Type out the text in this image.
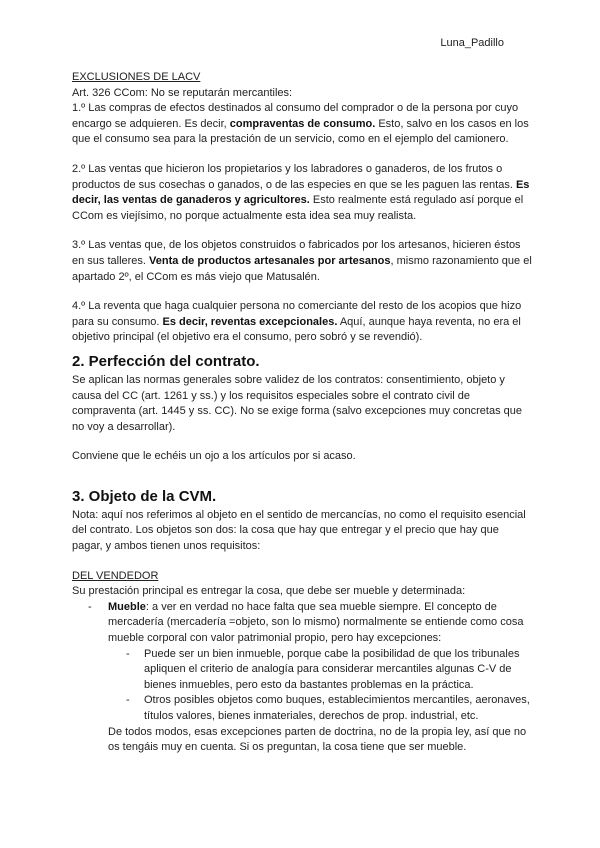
Luna_Padillo

EXCLUSIONES DE LACV

Art. 326 CCom: No se reputarán mercantiles:

1.º Las compras de efectos destinados al consumo del comprador o de la persona por cuyo encargo se adquieren. Es decir, compraventas de consumo. Esto, salvo en los casos en los que el consumo sea para la prestación de un servicio, como en el ejemplo del camionero.

2.º Las ventas que hicieron los propietarios y los labradores o ganaderos, de los frutos o productos de sus cosechas o ganados, o de las especies en que se les paguen las rentas. Es decir, las ventas de ganaderos y agricultores. Esto realmente está regulado así porque el CCom es viejísimo, no porque actualmente esta idea sea muy realista.

3.º Las ventas que, de los objetos construidos o fabricados por los artesanos, hicieren éstos en sus talleres. Venta de productos artesanales por artesanos, mismo razonamiento que el apartado 2º, el CCom es más viejo que Matusalén.

4.º La reventa que haga cualquier persona no comerciante del resto de los acopios que hizo para su consumo. Es decir, reventas excepcionales. Aquí, aunque haya reventa, no era el objetivo principal (el objetivo era el consumo, pero sobró y se revendió).

2. Perfección del contrato.

Se aplican las normas generales sobre validez de los contratos: consentimiento, objeto y causa del CC (art. 1261 y ss.) y los requisitos especiales sobre el contrato civil de compraventa (art. 1445 y ss. CC). No se exige forma (salvo excepciones muy concretas que no voy a desarrollar).

Conviene que le echéis un ojo a los artículos por si acaso.

3. Objeto de la CVM.

Nota: aquí nos referimos al objeto en el sentido de mercancías, no como el requisito esencial del contrato. Los objetos son dos: la cosa que hay que entregar y el precio que hay que pagar, y ambos tienen unos requisitos:

DEL VENDEDOR

Su prestación principal es entregar la cosa, que debe ser mueble y determinada:

- Mueble: a ver en verdad no hace falta que sea mueble siempre. El concepto de mercadería (mercadería =objeto, son lo mismo) normalmente se entiende como cosa mueble corporal con valor patrimonial propio, pero hay excepciones:

- Puede ser un bien inmueble, porque cabe la posibilidad de que los tribunales apliquen el criterio de analogía para considerar mercantiles algunas C-V de bienes inmuebles, pero esto da bastantes problemas en la práctica.

- Otros posibles objetos como buques, establecimientos mercantiles, aeronaves, títulos valores, bienes inmateriales, derechos de prop. industrial, etc.

De todos modos, esas excepciones parten de doctrina, no de la propia ley, así que no os tengáis muy en cuenta. Si os preguntan, la cosa tiene que ser mueble.
